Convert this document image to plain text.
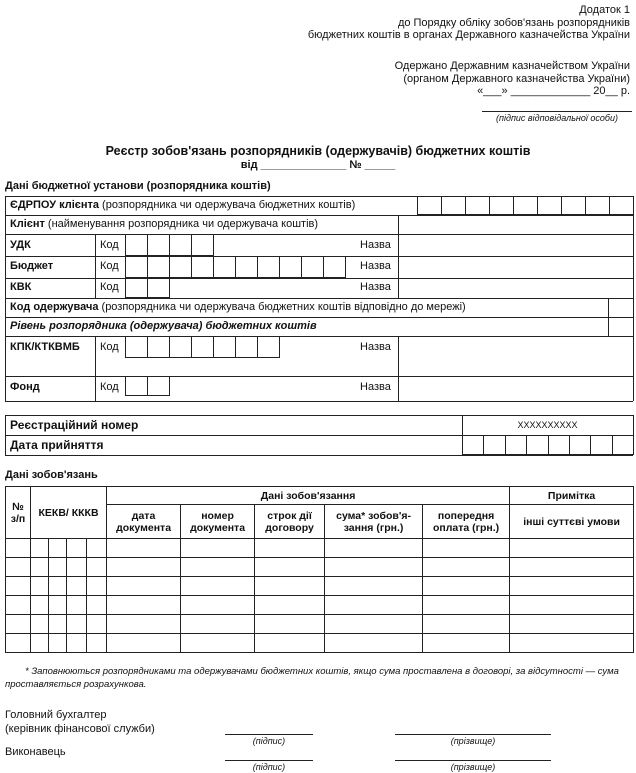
Додаток 1
до Порядку обліку зобов'язань розпорядників
бюджетних коштів в органах Державного казначейства України
Одержано Державним казначейством України
(органом Державного казначейства України)
«___» _____________ 20__ р.
(підпис відповідальної особи)
Реєстр зобов'язань розпорядників (одержувачів) бюджетних коштів
від ______________ № _____
Дані бюджетної установи (розпорядника коштів)
ЄДРПОУ клієнта (розпорядника чи одержувача бюджетних коштів)
Клієнт (найменування розпорядника чи одержувача коштів)
УДК	Код	Назва
Бюджет	Код	Назва
КВК	Код	Назва
Код одержувача (розпорядника чи одержувача бюджетних коштів відповідно до мережі)
Рівень розпорядника (одержувача) бюджетних коштів
КПК/КТКВМБ Код	Назва
Фонд	Код	Назва
Реєстраційний номер	XXXXXXXXXX
Дата прийняття
Дані зобов'язань
№ з/п	КЕКВ/ КККВ				Дані зобов'язання					Примітка
					дата документа	номер документа	строк дії договору	сума* зобов'я- зання (грн.)	попередня оплата (грн.)	інші суттєві умови

* Заповнюються розпорядниками та одержувачами бюджетних коштів, якщо сума проставлена в договорі, за відсутності — сума проставляється розрахункова.
Головний бухгалтер
(керівник фінансової служби)
(підпис)	(прізвище)
Виконавець
(підпис)	(прізвище)
